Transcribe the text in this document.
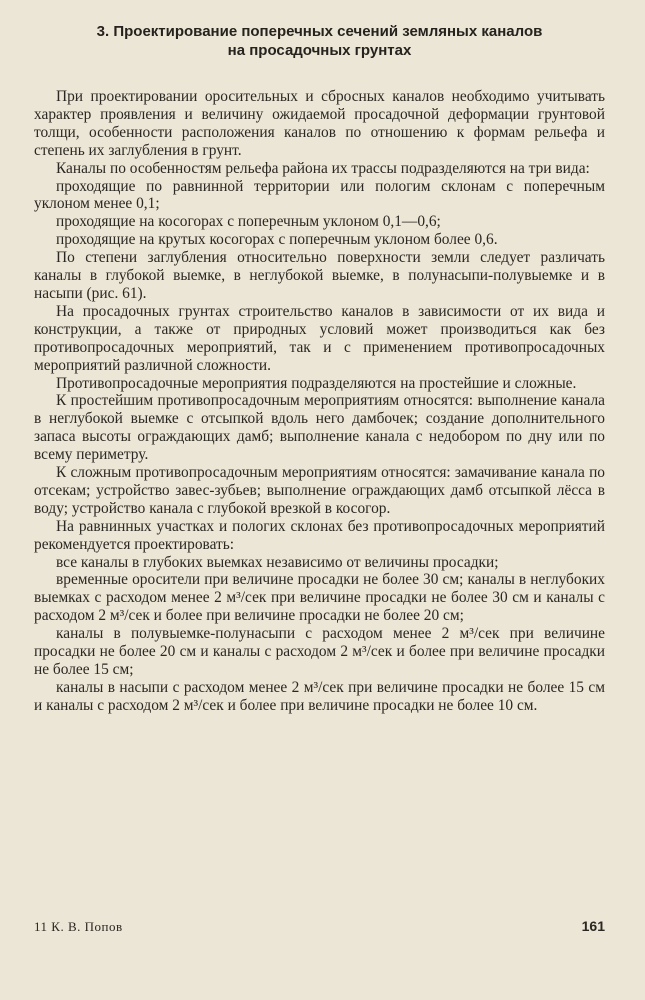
3. Проектирование поперечных сечений земляных каналов
на просадочных грунтах

При проектировании оросительных и сбросных каналов необходимо учитывать характер проявления и величину ожидаемой просадочной деформации грунтовой толщи, особенности расположения каналов по отношению к формам рельефа и степень их заглубления в грунт.

Каналы по особенностям рельефа района их трассы подразделяются на три вида:

проходящие по равнинной территории или пологим склонам с поперечным уклоном менее 0,1;

проходящие на косогорах с поперечным уклоном 0,1—0,6;

проходящие на крутых косогорах с поперечным уклоном более 0,6.

По степени заглубления относительно поверхности земли следует различать каналы в глубокой выемке, в неглубокой выемке, в полунасыпи-полувыемке и в насыпи (рис. 61).

На просадочных грунтах строительство каналов в зависимости от их вида и конструкции, а также от природных условий может производиться как без противопросадочных мероприятий, так и с применением противопросадочных мероприятий различной сложности.

Противопросадочные мероприятия подразделяются на простейшие и сложные.

К простейшим противопросадочным мероприятиям относятся: выполнение канала в неглубокой выемке с отсыпкой вдоль него дамбочек; создание дополнительного запаса высоты ограждающих дамб; выполнение канала с недобором по дну или по всему периметру.

К сложным противопросадочным мероприятиям относятся: замачивание канала по отсекам; устройство завес-зубьев; выполнение ограждающих дамб отсыпкой лёсса в воду; устройство канала с глубокой врезкой в косогор.

На равнинных участках и пологих склонах без противопросадочных мероприятий рекомендуется проектировать:

все каналы в глубоких выемках независимо от величины просадки;

временные оросители при величине просадки не более 30 см; каналы в неглубоких выемках с расходом менее 2 м³/сек при величине просадки не более 30 см и каналы с расходом 2 м³/сек и более при величине просадки не более 20 см;

каналы в полувыемке-полунасыпи с расходом менее 2 м³/сек при величине просадки не более 20 см и каналы с расходом 2 м³/сек и более при величине просадки не более 15 см;

каналы в насыпи с расходом менее 2 м³/сек при величине просадки не более 15 см и каналы с расходом 2 м³/сек и более при величине просадки не более 10 см.

11 К. В. Попов	161
